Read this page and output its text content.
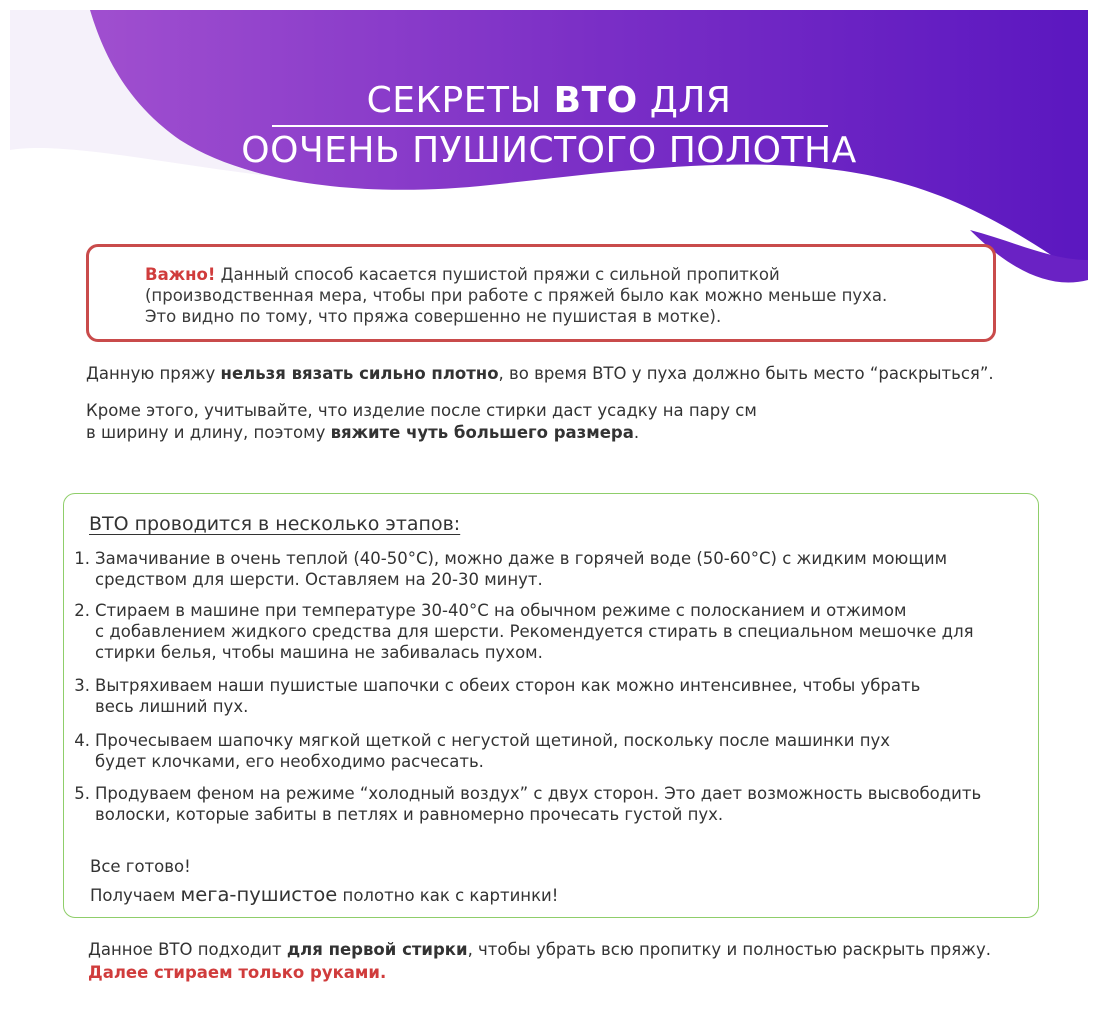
СЕКРЕТЫ ВТО ДЛЯ
ООЧЕНЬ ПУШИСТОГО ПОЛОТНА

Важно! Данный способ касается пушистой пряжи с сильной пропиткой
(производственная мера, чтобы при работе с пряжей было как можно меньше пуха.
Это видно по тому, что пряжа совершенно не пушистая в мотке).

Данную пряжу нельзя вязать сильно плотно, во время ВТО у пуха должно быть место “раскрыться”.
Кроме этого, учитывайте, что изделие после стирки даст усадку на пару см
в ширину и длину, поэтому вяжите чуть большего размера.
ВТО проводится в несколько этапов:
1. Замачивание в очень теплой (40-50°С), можно даже в горячей воде (50-60°С) с жидким моющим
средством для шерсти. Оставляем на 20-30 минут.
2. Стираем в машине при температуре 30-40°С на обычном режиме с полосканием и отжимом
с добавлением жидкого средства для шерсти. Рекомендуется стирать в специальном мешочке для
стирки белья, чтобы машина не забивалась пухом.
3. Вытряхиваем наши пушистые шапочки с обеих сторон как можно интенсивнее, чтобы убрать
весь лишний пух.
4. Прочесываем шапочку мягкой щеткой с негустой щетиной, поскольку после машинки пух
будет клочками, его необходимо расчесать.
5. Продуваем феном на режиме “холодный воздух” с двух сторон. Это дает возможность высвободить
волоски, которые забиты в петлях и равномерно прочесать густой пух.
Все готово!
Получаем мега-пушистое полотно как с картинки!
Данное ВТО подходит для первой стирки, чтобы убрать всю пропитку и полностью раскрыть пряжу.
Далее стираем только руками.
